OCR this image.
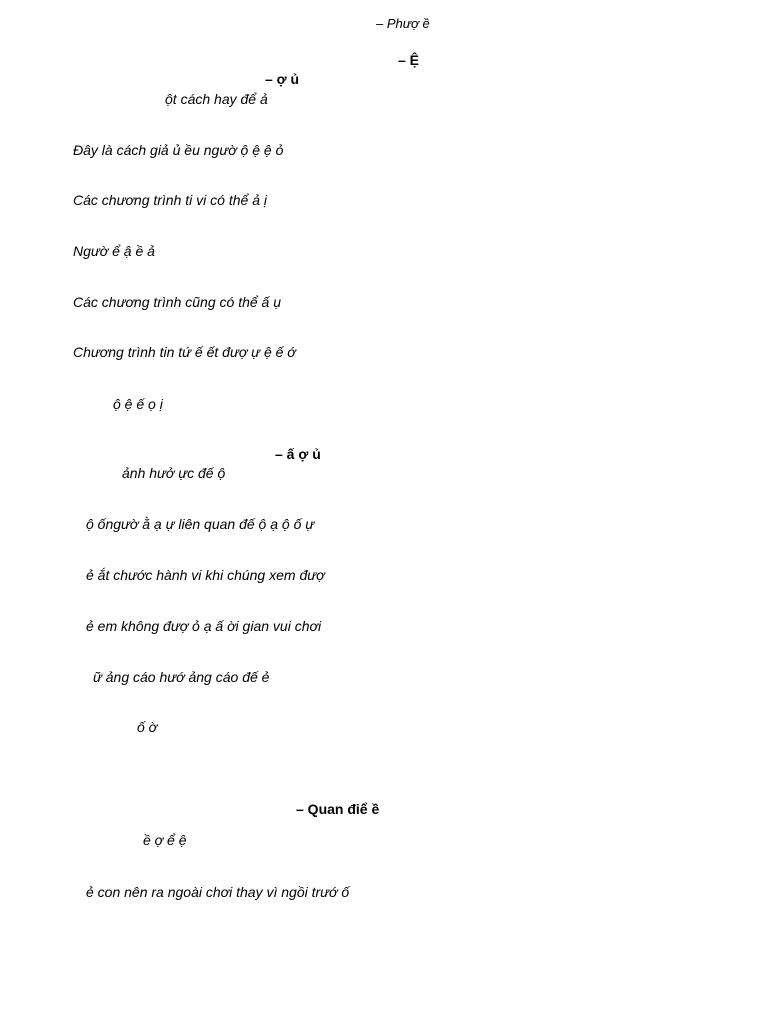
– Phượ ề
– Ệ
– ợ ủ
ột cách hay để ả
Đây là cách giả ủ ều ngườ ộ ệ ệ ỏ
Các chương trình ti vi có thể ả ị
Ngườ ể ậ ề ả
Các chương trình cũng có thể ấ ụ
Chương trình tin tứ ế ết đượ ự ệ ế ớ
ộ ệ ế ọ ị
– ấ ợ ủ
ảnh hưở ực đế ộ
ộ ốngườ ằ ạ ự liên quan đế ộ ạ ộ ố ự
ẻ ắt chước hành vi khi chúng xem đượ
ẻ em không đượ ỏ ạ ấ ời gian vui chơi
ữ ảng cáo hướ ảng cáo đế ẻ
ố ờ
– Quan điể ề
ề ợ ể ệ
ẻ con nên ra ngoài chơi thay vì ngồi trướ ố
